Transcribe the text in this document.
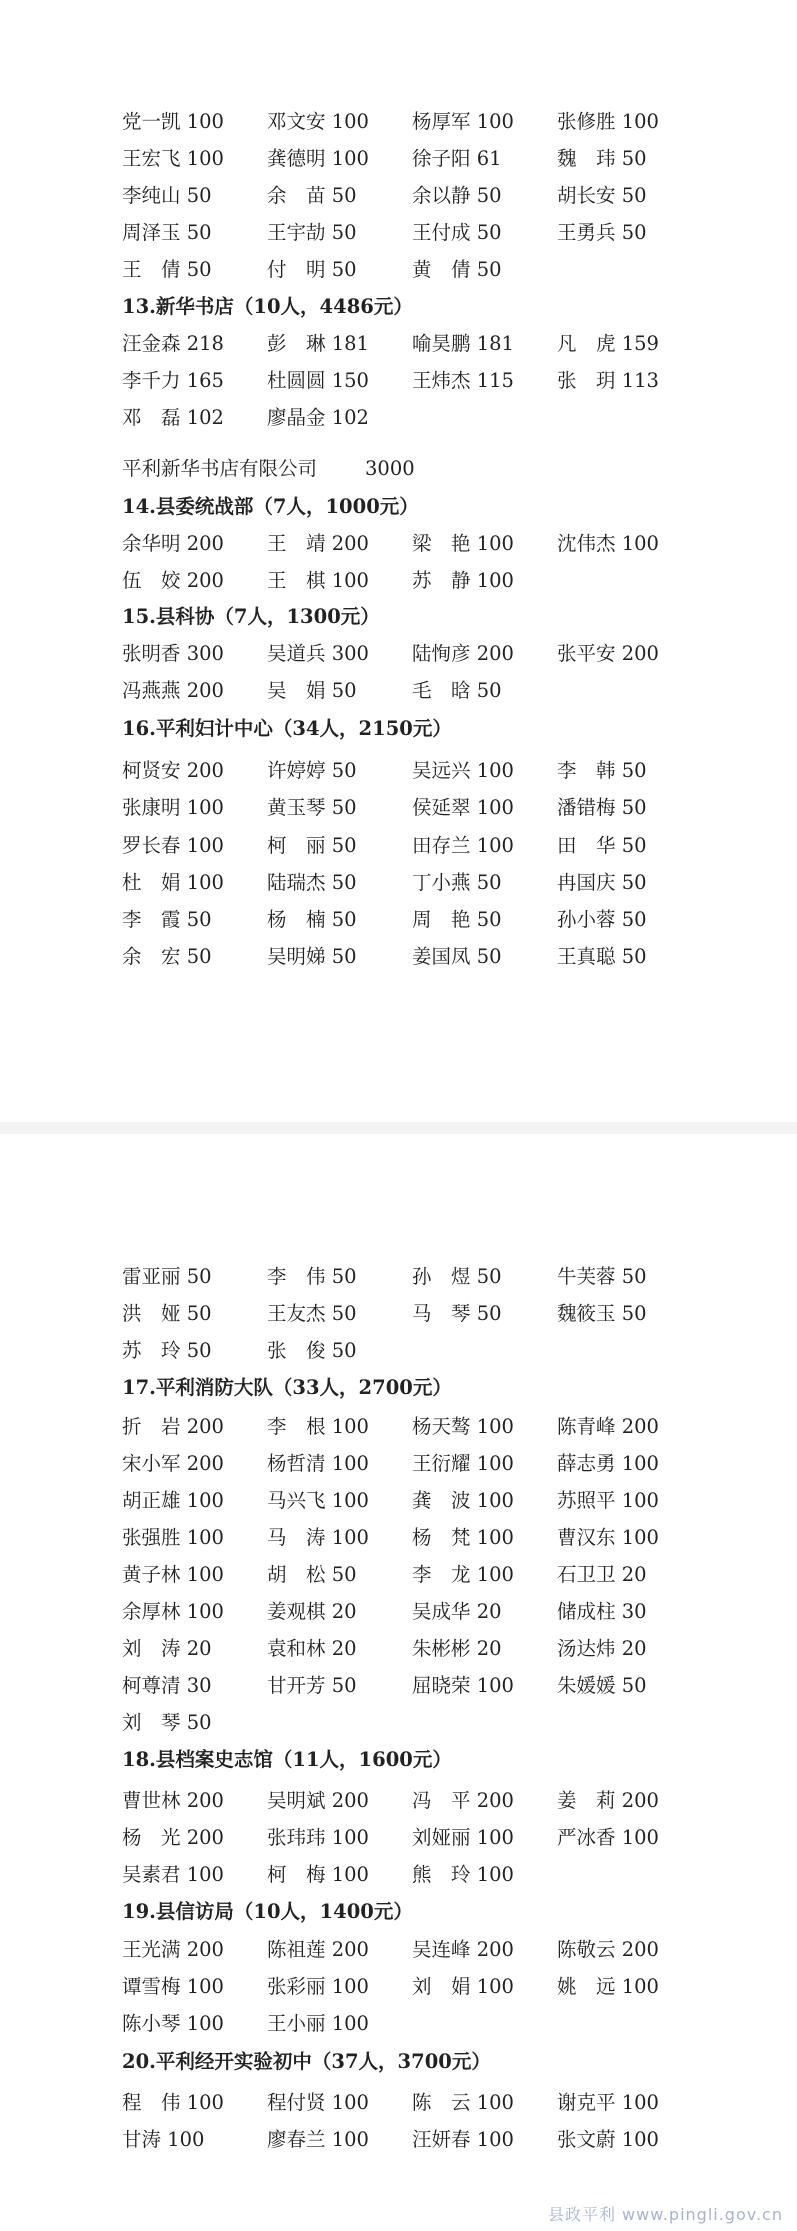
党一凯 100 邓文安 100 杨厚军 100 张修胜 100
王宏飞 100 龚德明 100 徐子阳 61	魏　玮 50
李纯山 50	余　苗 50	余以静 50	胡长安 50
周泽玉 50	王宇劼 50	王付成 50	王勇兵 50
王　倩 50	付　明 50	黄　倩 50
13.新华书店（10人，4486元）
汪金森 218 彭　琳 181 喻昊鹏 181 凡　虎 159
李千力 165 杜圆圆 150 王炜杰 115 张　玥 113
邓　磊 102 廖晶金 102
平利新华书店有限公司 3000
14.县委统战部（7人，1000元）
余华明 200 王　靖 200 梁　艳 100 沈伟杰 100
伍　姣 200 王　棋 100 苏　静 100
15.县科协（7人，1300元）
张明香 300 吴道兵 300 陆恂彦 200 张平安 200
冯燕燕 200 吴　娟 50	毛　晗 50
16.平利妇计中心（34人，2150元）
柯贤安 200 许婷婷 50	吴远兴 100 李　韩 50
张康明 100 黄玉琴 50	侯延翠 100 潘错梅 50
罗长春 100 柯　丽 50	田存兰 100 田　华 50
杜　娟 100 陆瑞杰 50	丁小燕 50	冉国庆 50
李　霞 50	杨　楠 50	周　艳 50	孙小蓉 50
余　宏 50	吴明娣 50	姜国凤 50	王真聪 50
雷亚丽 50	李　伟 50	孙　煜 50	牛芙蓉 50
洪　娅 50	王友杰 50	马　琴 50	魏筱玉 50
苏　玲 50	张　俊 50
17.平利消防大队（33人，2700元）
折　岩 200 李　根 100 杨天骜 100 陈青峰 200
宋小军 200 杨哲清 100 王衍耀 100 薛志勇 100
胡正雄 100 马兴飞 100 龚　波 100 苏照平 100
张强胜 100 马　涛 100 杨　梵 100 曹汉东 100
黄子林 100 胡　松 50	李　龙 100 石卫卫 20
余厚林 100 姜观棋 20	吴成华 20	储成柱 30
刘　涛 20	袁和林 20	朱彬彬 20	汤达炜 20
柯尊清 30	甘开芳 50	屈晓荣 100 朱媛媛 50
刘　琴 50
18.县档案史志馆（11人，1600元）
曹世林 200 吴明斌 200 冯　平 200 姜　莉 200
杨　光 200 张玮玮 100 刘娅丽 100 严冰香 100
吴素君 100 柯　梅 100 熊　玲 100
19.县信访局（10人，1400元）
王光满 200 陈祖莲 200 吴连峰 200 陈敬云 200
谭雪梅 100 张彩丽 100 刘　娟 100 姚　远 100
陈小琴 100 王小丽 100
20.平利经开实验初中（37人，3700元）
程　伟 100 程付贤 100 陈　云 100 谢克平 100
甘涛 100	廖春兰 100 汪妍春 100 张文蔚 100
县政平利 www.pingli.gov.cn
